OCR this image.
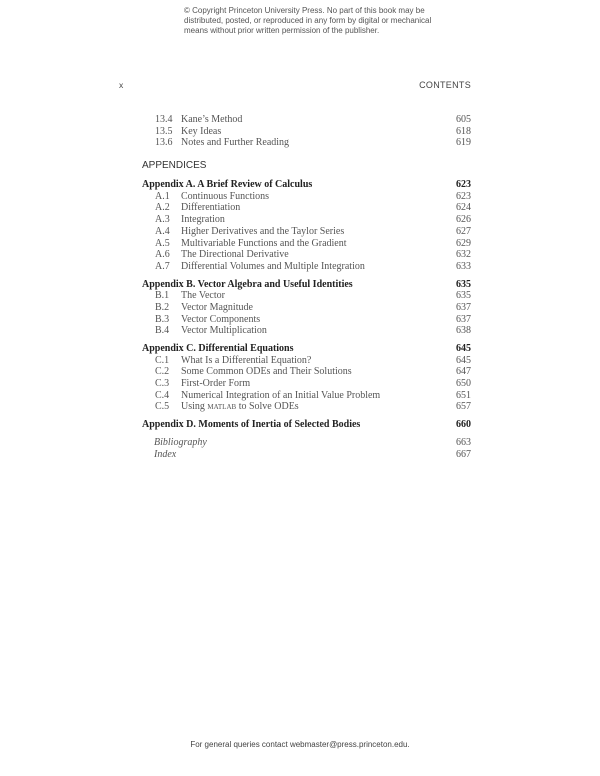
© Copyright Princeton University Press. No part of this book may be
distributed, posted, or reproduced in any form by digital or mechanical
means without prior written permission of the publisher.
x	CONTENTS
13.4 Kane’s Method	605
13.5 Key Ideas	618
13.6 Notes and Further Reading	619
APPENDICES
Appendix A. A Brief Review of Calculus	623
A.1 Continuous Functions	623
A.2 Differentiation	624
A.3 Integration	626
A.4 Higher Derivatives and the Taylor Series	627
A.5 Multivariable Functions and the Gradient	629
A.6 The Directional Derivative	632
A.7 Differential Volumes and Multiple Integration	633
Appendix B. Vector Algebra and Useful Identities	635
B.1 The Vector	635
B.2 Vector Magnitude	637
B.3 Vector Components	637
B.4 Vector Multiplication	638
Appendix C. Differential Equations	645
C.1 What Is a Differential Equation?	645
C.2 Some Common ODEs and Their Solutions	647
C.3 First-Order Form	650
C.4 Numerical Integration of an Initial Value Problem	651
C.5 Using matlab to Solve ODEs	657
Appendix D. Moments of Inertia of Selected Bodies	660
Bibliography	663
Index	667
For general queries contact webmaster@press.princeton.edu.
